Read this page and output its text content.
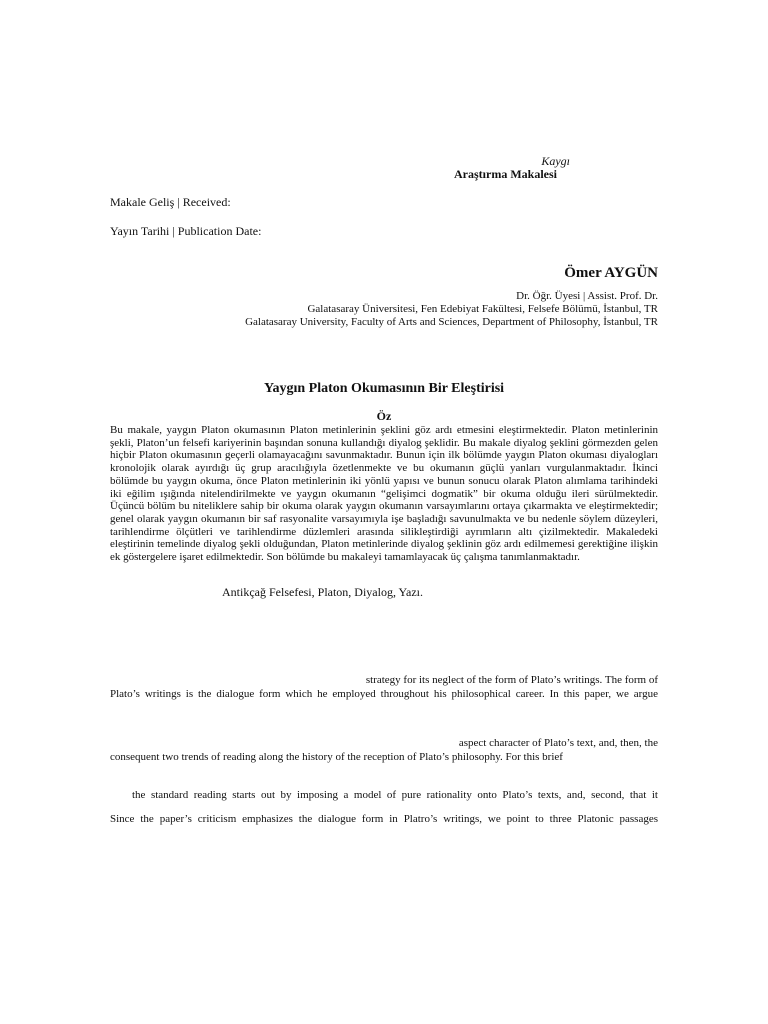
Kaygı
Araştırma Makalesi
Makale Geliş | Received:
Yayın Tarihi | Publication Date:
Ömer AYGÜN
Dr. Öğr. Üyesi | Assist. Prof. Dr.
Galatasaray Üniversitesi, Fen Edebiyat Fakültesi, Felsefe Bölümü, İstanbul, TR
Galatasaray University, Faculty of Arts and Sciences, Department of Philosophy, İstanbul, TR
Yaygın Platon Okumasının Bir Eleştirisi
Öz
Bu makale, yaygın Platon okumasının Platon metinlerinin şeklini göz ardı etmesini eleştirmektedir. Platon metinlerinin şekli, Platon’un felsefi kariyerinin başından sonuna kullandığı diyalog şeklidir. Bu makale diyalog şeklini görmezden gelen hiçbir Platon okumasının geçerli olamayacağını savunmaktadır. Bunun için ilk bölümde yaygın Platon okuması diyalogları kronolojik olarak ayırdığı üç grup aracılığıyla özetlenmekte ve bu okumanın güçlü yanları vurgulanmaktadır. İkinci bölümde bu yaygın okuma, önce Platon metinlerinin iki yönlü yapısı ve bunun sonucu olarak Platon alımlama tarihindeki iki eğilim ışığında nitelendirilmekte ve yaygın okumanın “gelişimci dogmatik” bir okuma olduğu ileri sürülmektedir. Üçüncü bölüm bu niteliklere sahip bir okuma olarak yaygın okumanın varsayımlarını ortaya çıkarmakta ve eleştirmektedir; genel olarak yaygın okumanın bir saf rasyonalite varsayımıyla işe başladığı savunulmakta ve bu nedenle söylem düzeyleri, tarihlendirme ölçütleri ve tarihlendirme düzlemleri arasında silikleştirdiği ayrımların altı çizilmektedir. Makaledeki eleştirinin temelinde diyalog şekli olduğundan, Platon metinlerinde diyalog şeklinin göz ardı edilmemesi gerektiğine ilişkin ek göstergelere işaret edilmektedir. Son bölümde bu makaleyi tamamlayacak üç çalışma tanımlanmaktadır.
Antikçağ Felsefesi, Platon, Diyalog, Yazı.
strategy for its neglect of the form of Plato’s writings. The form of
Plato’s writings is the dialogue form which he employed throughout his philosophical career. In this paper, we argue
aspect character of Plato’s text, and, then, the
consequent two trends of reading along the history of the reception of Plato’s philosophy. For this brief
the standard reading starts out by imposing a model of pure rationality onto Plato’s texts, and, second, that it
Since the paper’s criticism emphasizes the dialogue form in Platro’s writings, we point to three Platonic passages
